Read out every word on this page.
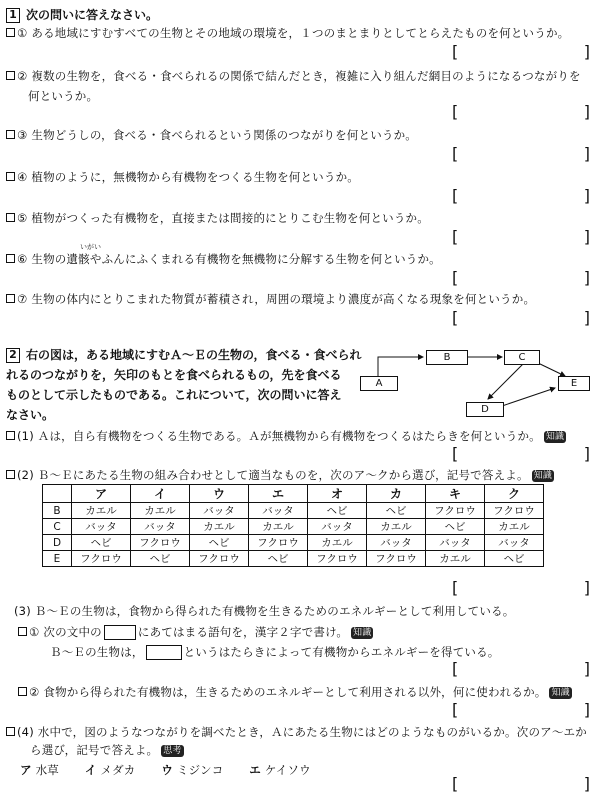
1 次の問いに答えなさい。
① ある地域にすむすべての生物とその地域の環境を，１つのまとまりとしてとらえたものを何というか。
[	]
② 複数の生物を，食べる・食べられるの関係で結んだとき，複雑に入り組んだ網目のようになるつながりを
何というか。
[	]
③ 生物どうしの，食べる・食べられるという関係のつながりを何というか。
[	]
④ 植物のように，無機物から有機物をつくる生物を何というか。
[	]
⑤ 植物がつくった有機物を，直接または間接的にとりこむ生物を何というか。
[	]
いがい
⑥ 生物の遺骸やふんにふくまれる有機物を無機物に分解する生物を何というか。
[	]
⑦ 生物の体内にとりこまれた物質が蓄積され，周囲の環境より濃度が高くなる現象を何というか。
[	]
2 右の図は，ある地域にすむＡ～Ｅの生物の，食べる・食べられ
れるのつながりを，矢印のもとを食べられるもの，先を食べる
ものとして示したものである。これについて，次の問いに答え
なさい。
A
B	C
E
D
(1) Ａは，自ら有機物をつくる生物である。Ａが無機物から有機物をつくるはたらきを何というか。 知識
[	]
(2) Ｂ～Ｅにあたる生物の組み合わせとして適当なものを，次のア～クから選び，記号で答えよ。 知識
	ア	イ	ウ	エ	オ	カ	キ	ク
B	カエル	カエル	バッタ	バッタ	ヘビ	ヘビ	フクロウ	フクロウ
C	バッタ	バッタ	カエル	カエル	バッタ	カエル	ヘビ	カエル
D	ヘビ	フクロウ	ヘビ	フクロウ	カエル	バッタ	バッタ	バッタ
E	フクロウ	ヘビ	フクロウ	ヘビ	フクロウ	フクロウ	カエル	ヘビ
[	]
(3) Ｂ～Ｅの生物は，食物から得られた有機物を生きるためのエネルギーとして利用している。
① 次の文中の	にあてはまる語句を，漢字２字で書け。 知識
Ｂ～Ｅの生物は，	というはたらきによって有機物からエネルギーを得ている。
[	]
② 食物から得られた有機物は，生きるためのエネルギーとして利用される以外，何に使われるか。 知識
[	]
(4) 水中で，図のようなつながりを調べたとき，Ａにあたる生物にはどのようなものがいるか。次のア～エか
ら選び，記号で答えよ。 思考
ア 水草 イ メダカ ウ ミジンコ エ ケイソウ
[	]
